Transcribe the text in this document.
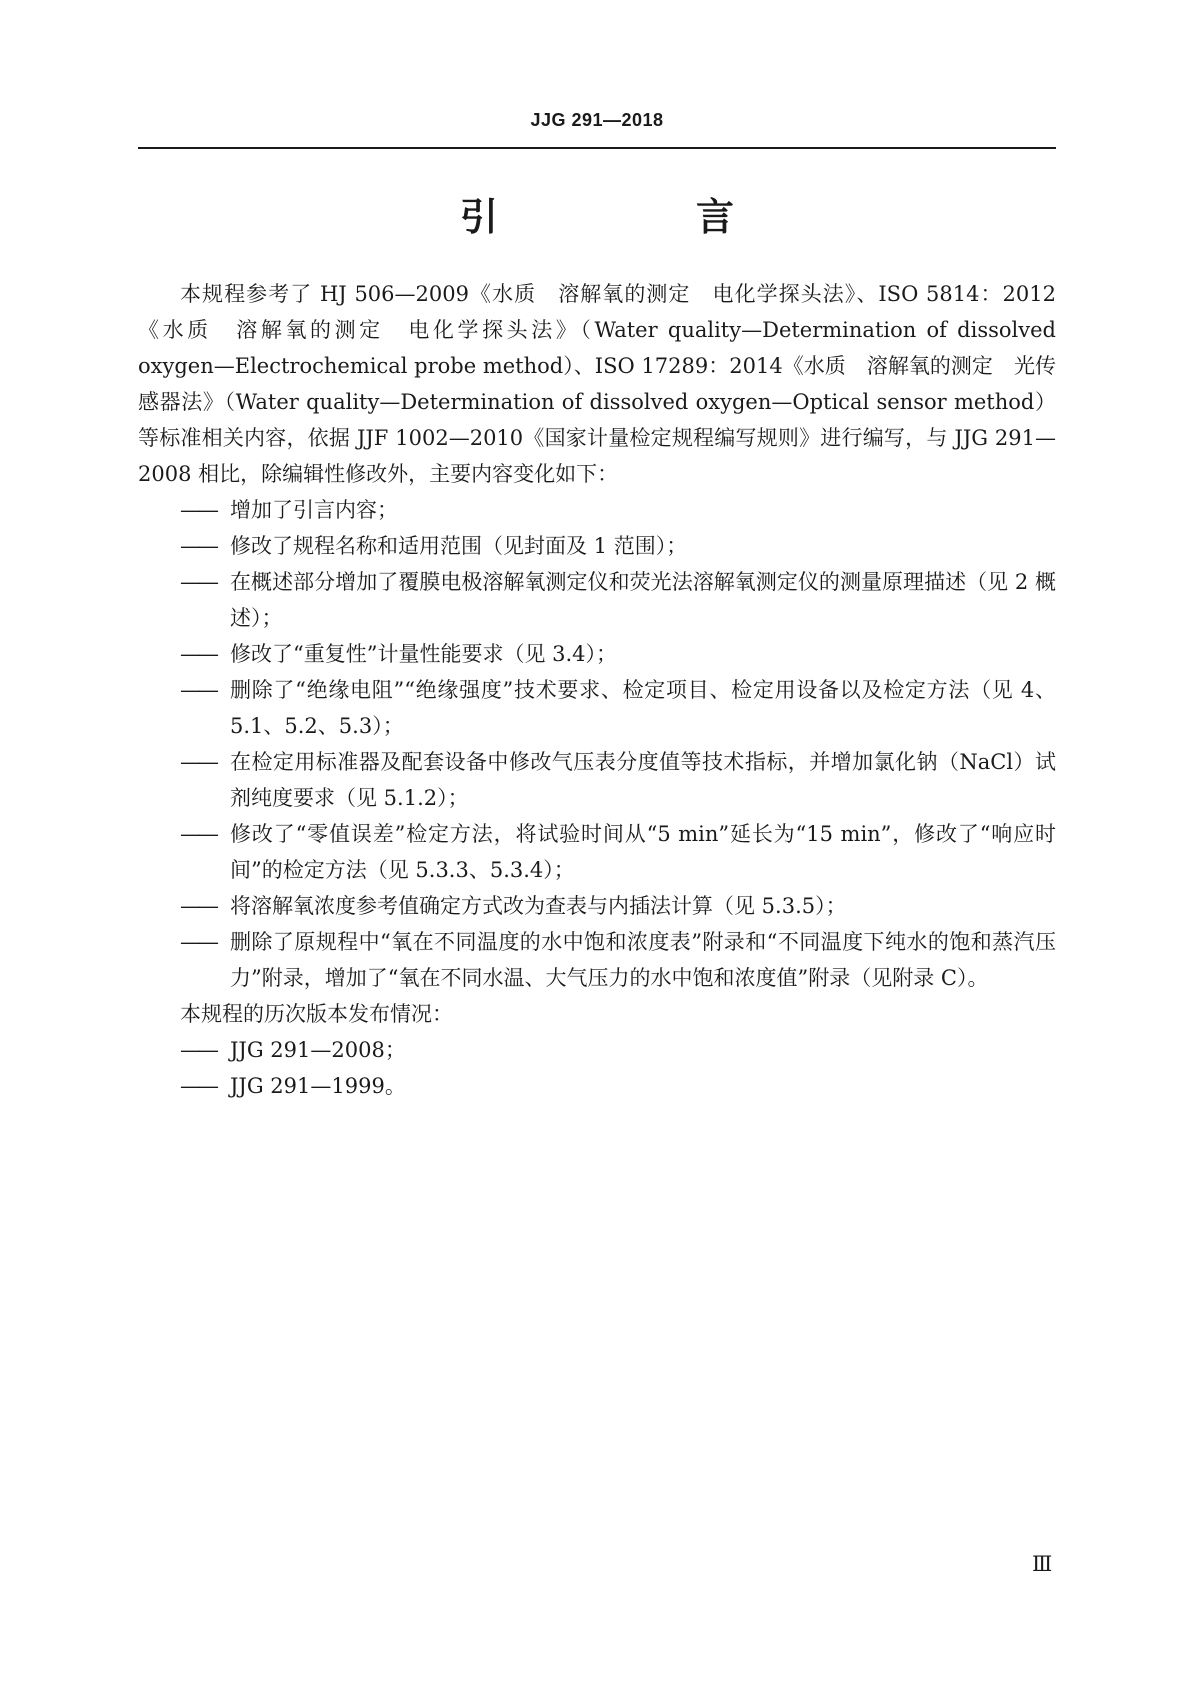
JJG 291—2018
引　言

本规程参考了 HJ 506—2009《水质　溶解氧的测定　电化学探头法》、ISO 5814：2012《水质　溶解氧的测定　电化学探头法》（Water quality—Determination of dissolved oxygen—Electrochemical probe method）、ISO 17289：2014《水质　溶解氧的测定　光传感器法》（Water quality—Determination of dissolved oxygen—Optical sensor method）等标准相关内容，依据 JJF 1002—2010《国家计量检定规程编写规则》进行编写，与 JJG 291—2008 相比，除编辑性修改外，主要内容变化如下：

—— 增加了引言内容；
—— 修改了规程名称和适用范围（见封面及 1 范围）；
—— 在概述部分增加了覆膜电极溶解氧测定仪和荧光法溶解氧测定仪的测量原理描述（见 2 概述）；
—— 修改了“重复性”计量性能要求（见 3.4）；
—— 删除了“绝缘电阻”“绝缘强度”技术要求、检定项目、检定用设备以及检定方法（见 4、5.1、5.2、5.3）；
—— 在检定用标准器及配套设备中修改气压表分度值等技术指标，并增加氯化钠（NaCl）试剂纯度要求（见 5.1.2）；
—— 修改了“零值误差”检定方法，将试验时间从“5 min”延长为“15 min”，修改了“响应时间”的检定方法（见 5.3.3、5.3.4）；
—— 将溶解氧浓度参考值确定方式改为查表与内插法计算（见 5.3.5）；
—— 删除了原规程中“氧在不同温度的水中饱和浓度表”附录和“不同温度下纯水的饱和蒸汽压力”附录，增加了“氧在不同水温、大气压力的水中饱和浓度值”附录（见附录 C）。

本规程的历次版本发布情况：

—— JJG 291—2008；
—— JJG 291—1999。
Ⅲ
